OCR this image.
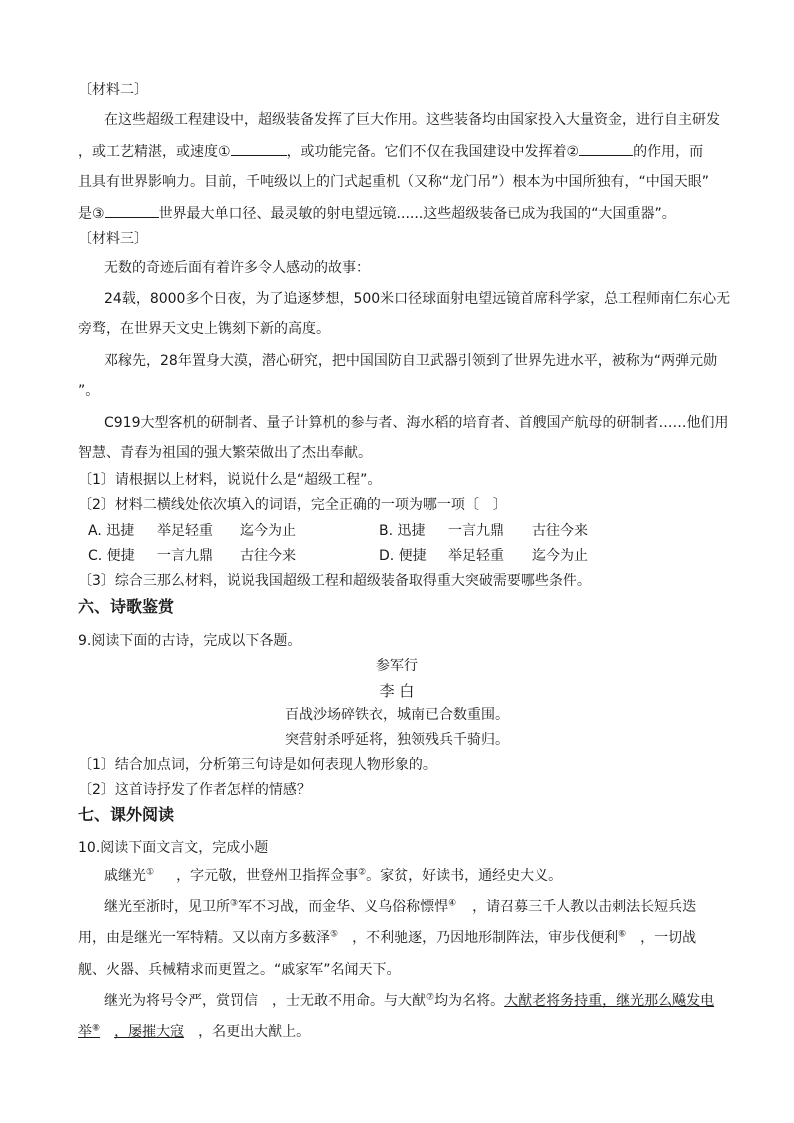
〔材料二〕
在这些超级工程建设中，超级装备发挥了巨大作用。这些装备均由国家投入大量资金，进行自主研发
，或工艺精湛，或速度①	，或功能完备。它们不仅在我国建设中发挥着②	的作用，而
且具有世界影响力。目前，千吨级以上的门式起重机（又称“龙门吊”）根本为中国所独有，“中国天眼”
是③	世界最大单口径、最灵敏的射电望远镜......这些超级装备已成为我国的“大国重器”。
〔材料三〕
无数的奇迹后面有着许多令人感动的故事：
24载，8000多个日夜，为了追逐梦想，500米口径球面射电望远镜首席科学家，总工程师南仁东心无
旁骛，在世界天文史上镌刻下新的高度。
邓稼先，28年置身大漠，潜心研究，把中国国防自卫武器引领到了世界先进水平，被称为“两弹元勋
”。
C919大型客机的研制者、量子计算机的参与者、海水稻的培育者、首艘国产航母的研制者……他们用
智慧、青春为祖国的强大繁荣做出了杰出奉献。
〔1〕请根据以上材料，说说什么是“超级工程”。
〔2〕材料二横线处依次填入的词语，完全正确的一项为哪一项〔　〕
A. 迅捷 举足轻重 迄今为止	B. 迅捷 一言九鼎 古往今来
C. 便捷 一言九鼎 古往今来	D. 便捷 举足轻重 迄今为止
〔3〕综合三那么材料，说说我国超级工程和超级装备取得重大突破需要哪些条件。
六、诗歌鉴赏
9.阅读下面的古诗，完成以下各题。
参军行
李 白
百战沙场碎铁衣，城南已合数重围。
突营射杀呼延将，独领残兵千骑归。
〔1〕结合加点词，分析第三句诗是如何表现人物形象的。
〔2〕这首诗抒发了作者怎样的情感？
七、课外阅读
10.阅读下面文言文，完成小题
戚继光① ，字元敬，世登州卫指挥佥事②。家贫，好读书，通经史大义。
继光至浙时，见卫所③军不习战，而金华、义乌俗称慓悍④ ，请召募三千人教以击刺法长短兵迭
用，由是继光一军特精。又以南方多薮泽⑤ ，不利驰逐，乃因地形制阵法，审步伐便利⑥ ，一切战
舰、火器、兵械精求而更置之。“戚家军”名闻天下。
继光为将号令严，赏罚信　，士无敢不用命。与大猷⑦均为名将。大猷老将务持重，继光那么飚发电
举⑧ ，屡摧大寇 ，名更出大猷上。
